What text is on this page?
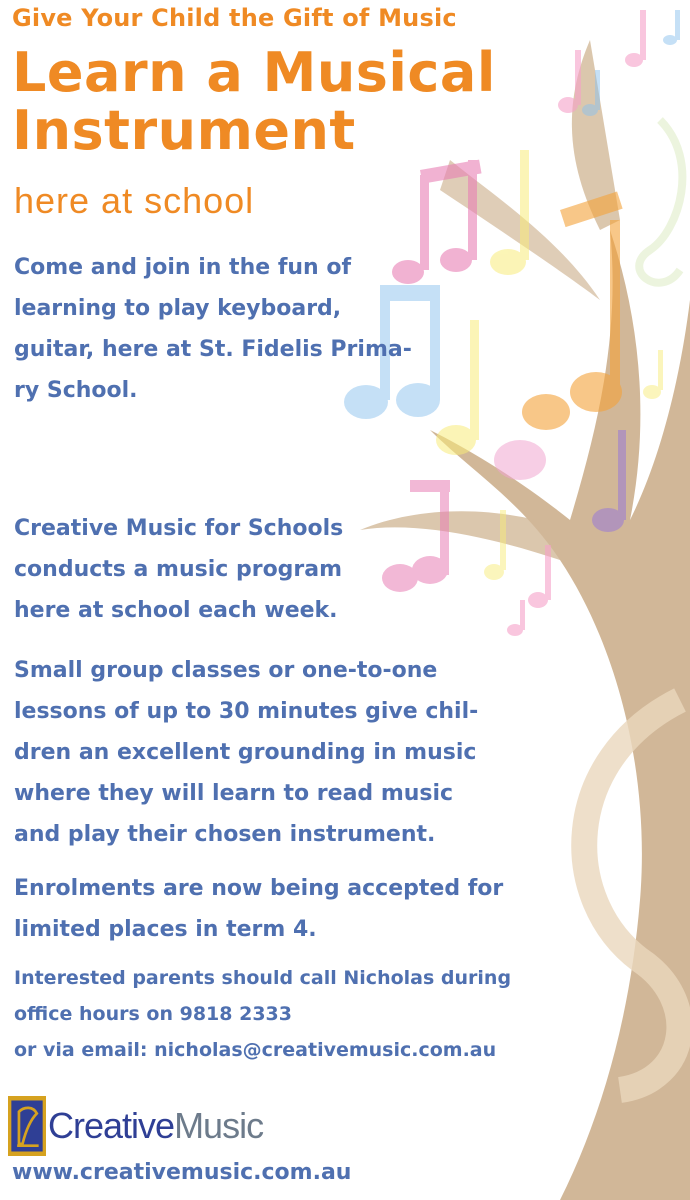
Give Your Child the Gift of Music
Learn a Musical
Instrument
here at school
Come and join in the fun of
learning to play keyboard,
guitar, here at St. Fidelis Prima-
ry School.
Creative Music for Schools
conducts a music program
here at school each week.
Small group classes or one-to-one
lessons of up to 30 minutes give chil-
dren an excellent grounding in music
where they will learn to read music
and play their chosen instrument.
Enrolments are now being accepted for
limited places in term 4.
Interested parents should call Nicholas during
office hours on 9818 2333
or via email: nicholas@creativemusic.com.au
CreativeMusic
www.creativemusic.com.au
